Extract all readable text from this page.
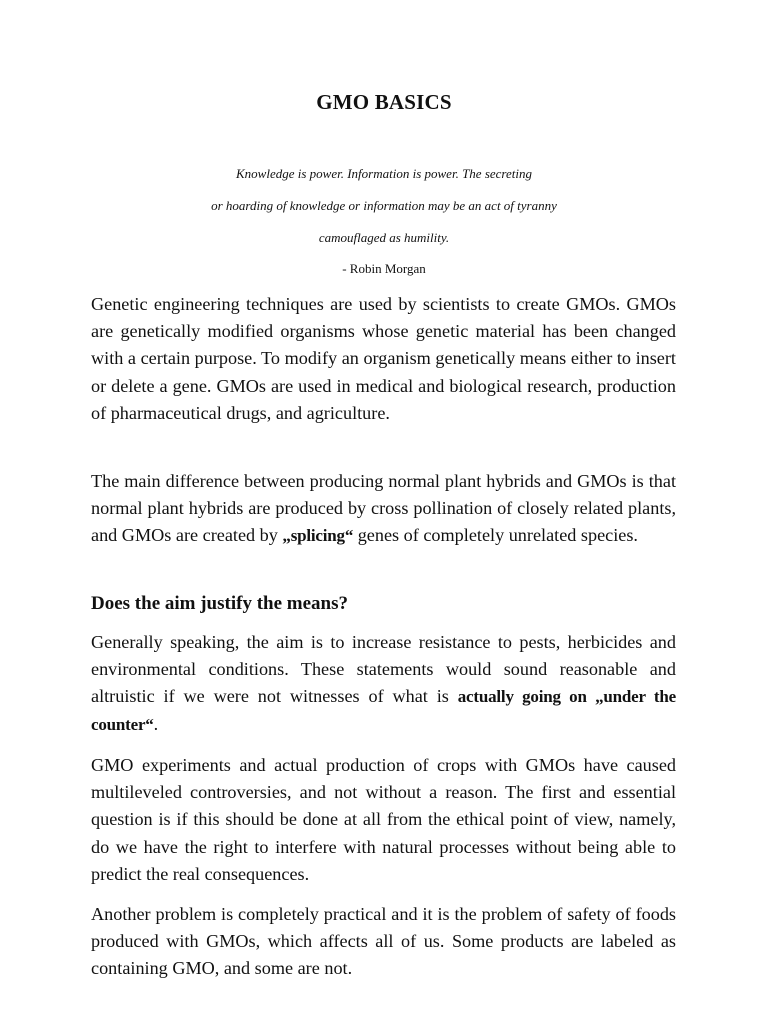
GMO BASICS
Knowledge is power. Information is power. The secreting
or hoarding of knowledge or information may be an act of tyranny
camouflaged as humility.
- Robin Morgan
Genetic engineering techniques are used by scientists to create GMOs. GMOs are genetically modified organisms whose genetic material has been changed with a certain purpose. To modify an organism genetically means either to insert or delete a gene. GMOs are used in medical and biological research, production of pharmaceutical drugs, and agriculture.
The main difference between producing normal plant hybrids and GMOs is that normal plant hybrids are produced by cross pollination of closely related plants, and GMOs are created by „splicing“ genes of completely unrelated species.
Does the aim justify the means?
Generally speaking, the aim is to increase resistance to pests, herbicides and environmental conditions. These statements would sound reasonable and altruistic if we were not witnesses of what is actually going on „under the counter“.
GMO experiments and actual production of crops with GMOs have caused multileveled controversies, and not without a reason. The first and essential question is if this should be done at all from the ethical point of view, namely, do we have the right to interfere with natural processes without being able to predict the real consequences.
Another problem is completely practical and it is the problem of safety of foods produced with GMOs, which affects all of us. Some products are labeled as containing GMO, and some are not.
